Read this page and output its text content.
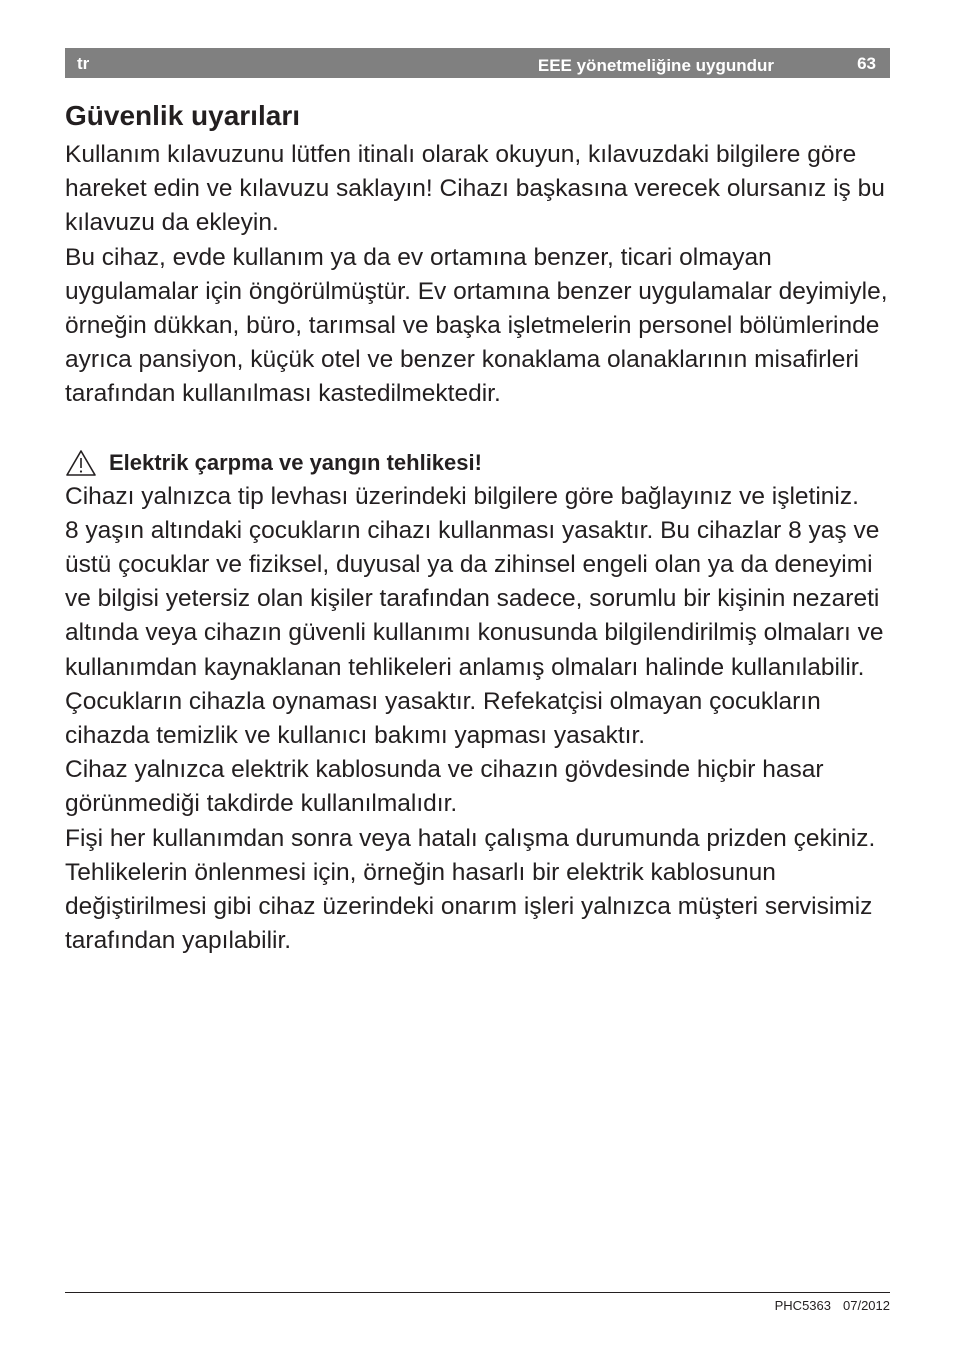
tr	EEE yönetmeliğine uygundur	63
Güvenlik uyarıları

Kullanım kılavuzunu lütfen itinalı olarak okuyun, kılavuzdaki bilgilere göre hareket edin ve kılavuzu saklayın! Cihazı başkasına verecek olursanız iş bu kılavuzu da ekleyin.

Bu cihaz, evde kullanım ya da ev ortamına benzer, ticari olmayan uygulamalar için öngörülmüştür. Ev ortamına benzer uygulamalar deyimiyle, örneğin dükkan, büro, tarımsal ve başka işletmelerin personel bölümlerinde ayrıca pansiyon, küçük otel ve benzer konaklama olanaklarının misafirleri tarafından kullanılması kastedilmektedir.

Elektrik çarpma ve yangın tehlikesi!

Cihazı yalnızca tip levhası üzerindeki bilgilere göre bağlayınız ve işletiniz.

8 yaşın altındaki çocukların cihazı kullanması yasaktır. Bu cihazlar 8 yaş ve üstü çocuklar ve fiziksel, duyusal ya da zihinsel engeli olan ya da deneyimi ve bilgisi yetersiz olan kişiler tarafından sadece, sorumlu bir kişinin nezareti altında veya cihazın güvenli kullanımı konusunda bilgilendirilmiş olmaları ve kullanımdan kaynaklanan tehlikeleri anlamış olmaları halinde kullanılabilir. Çocukların cihazla oynaması yasaktır. Refekatçisi olmayan çocukların cihazda temizlik ve kullanıcı bakımı yapması yasaktır.

Cihaz yalnızca elektrik kablosunda ve cihazın gövdesinde hiçbir hasar görünmediği takdirde kullanılmalıdır.

Fişi her kullanımdan sonra veya hatalı çalışma durumunda prizden çekiniz.

Tehlikelerin önlenmesi için, örneğin hasarlı bir elektrik kablosunun değiştirilmesi gibi cihaz üzerindeki onarım işleri yalnızca müşteri servisimiz tarafından yapılabilir.

PHC5363 07/2012
